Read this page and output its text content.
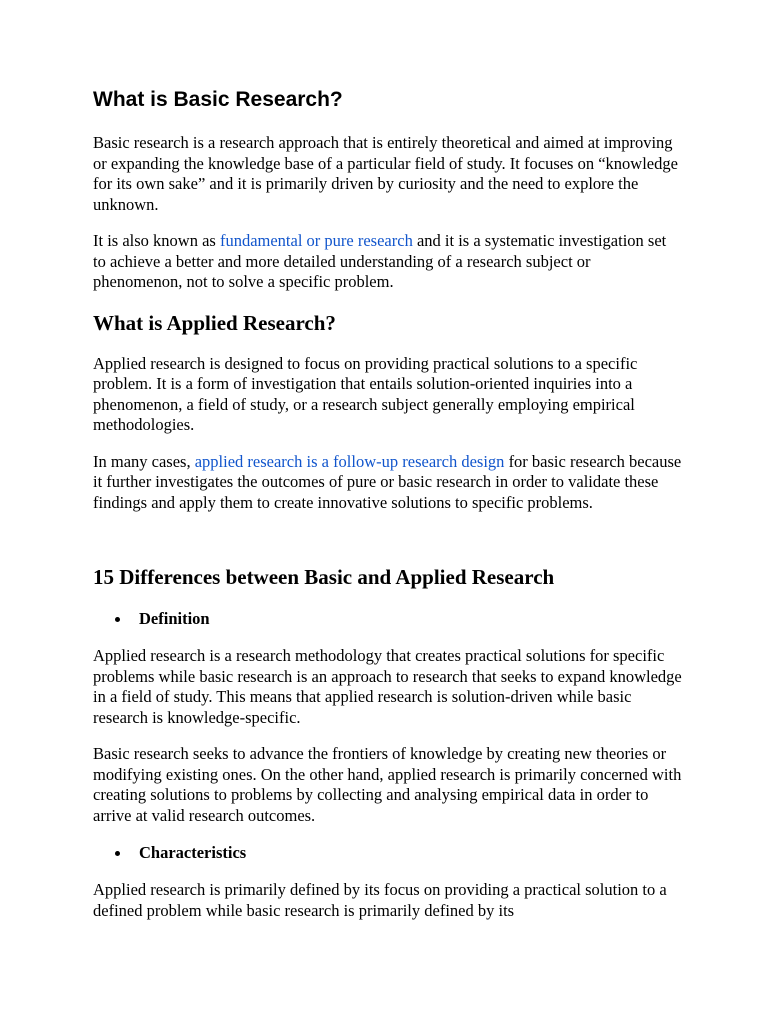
What is Basic Research?

Basic research is a research approach that is entirely theoretical and aimed at improving or expanding the knowledge base of a particular field of study. It focuses on “knowledge for its own sake” and it is primarily driven by curiosity and the need to explore the unknown.

It is also known as fundamental or pure research and it is a systematic investigation set to achieve a better and more detailed understanding of a research subject or phenomenon, not to solve a specific problem.

What is Applied Research?

Applied research is designed to focus on providing practical solutions to a specific problem. It is a form of investigation that entails solution-oriented inquiries into a phenomenon, a field of study, or a research subject generally employing empirical methodologies.

In many cases, applied research is a follow-up research design for basic research because it further investigates the outcomes of pure or basic research in order to validate these findings and apply them to create innovative solutions to specific problems.

15 Differences between Basic and Applied Research
Definition

Applied research is a research methodology that creates practical solutions for specific problems while basic research is an approach to research that seeks to expand knowledge in a field of study. This means that applied research is solution-driven while basic research is knowledge-specific.

Basic research seeks to advance the frontiers of knowledge by creating new theories or modifying existing ones. On the other hand, applied research is primarily concerned with creating solutions to problems by collecting and analysing empirical data in order to arrive at valid research outcomes.

Characteristics

Applied research is primarily defined by its focus on providing a practical solution to a defined problem while basic research is primarily defined by its
